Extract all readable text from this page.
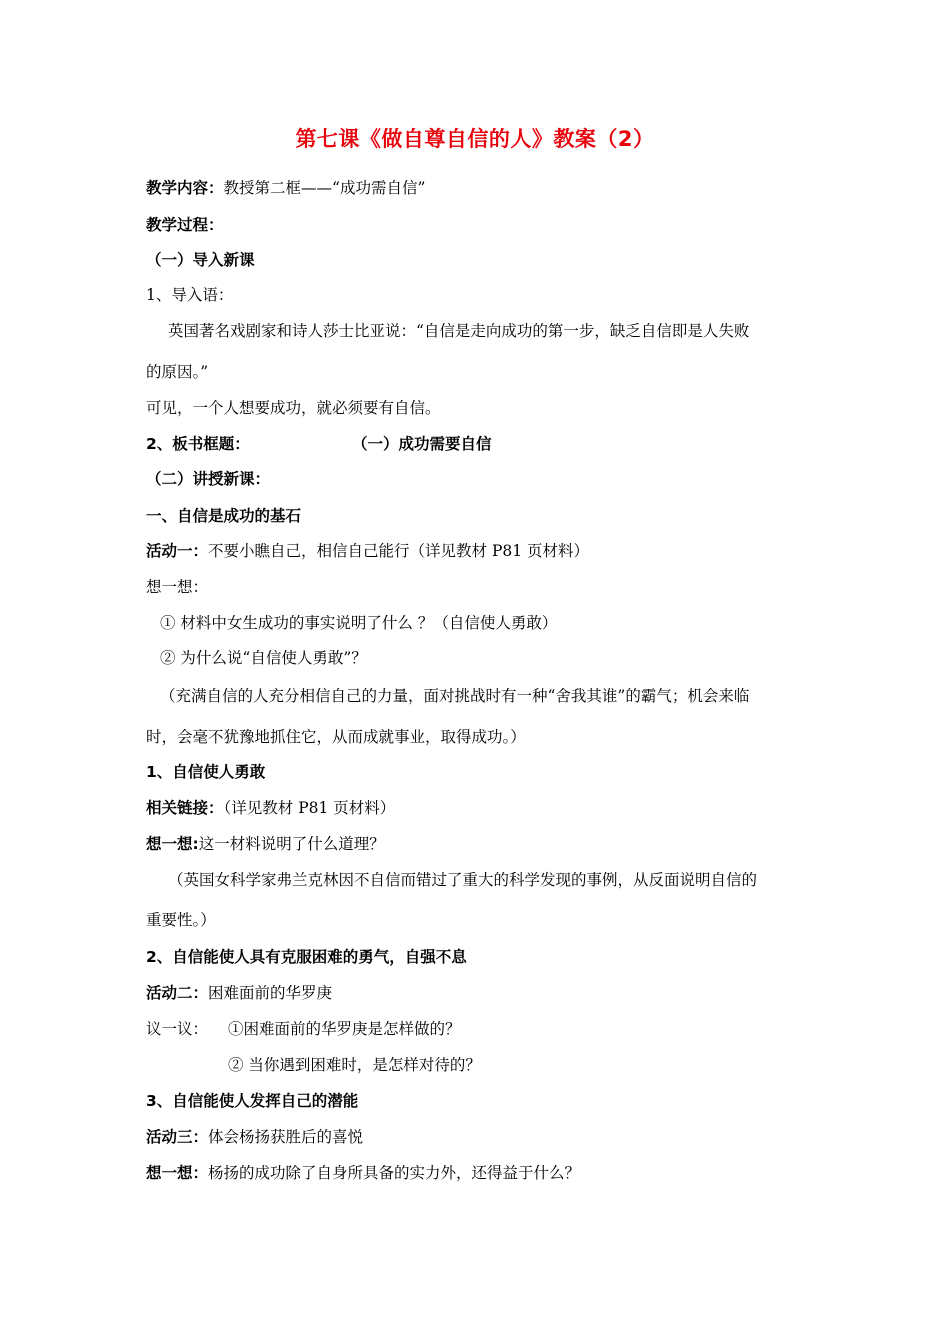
第七课《做自尊自信的人》教案（2）
教学内容：教授第二框——“成功需自信”
教学过程：
（一）导入新课
1、导入语：
英国著名戏剧家和诗人莎士比亚说：“自信是走向成功的第一步，缺乏自信即是人失败
的原因。”
可见，一个人想要成功，就必须要有自信。
2、板书框题：	（一）成功需要自信
（二）讲授新课：
一、自信是成功的基石
活动一：不要小瞧自己，相信自己能行（详见教材 P81 页材料）
想一想：
① 材料中女生成功的事实说明了什么 ？（自信使人勇敢）
② 为什么说“自信使人勇敢”？
（充满自信的人充分相信自己的力量，面对挑战时有一种“舍我其谁”的霸气；机会来临
时，会毫不犹豫地抓住它，从而成就事业，取得成功。）
1、自信使人勇敢
相关链接：（详见教材 P81 页材料）
想一想:这一材料说明了什么道理？
（英国女科学家弗兰克林因不自信而错过了重大的科学发现的事例，从反面说明自信的
重要性。）
2、自信能使人具有克服困难的勇气，自强不息
活动二：困难面前的华罗庚
议一议： ①困难面前的华罗庚是怎样做的？
② 当你遇到困难时，是怎样对待的？
3、自信能使人发挥自己的潜能
活动三：体会杨扬获胜后的喜悦
想一想：杨扬的成功除了自身所具备的实力外，还得益于什么？
